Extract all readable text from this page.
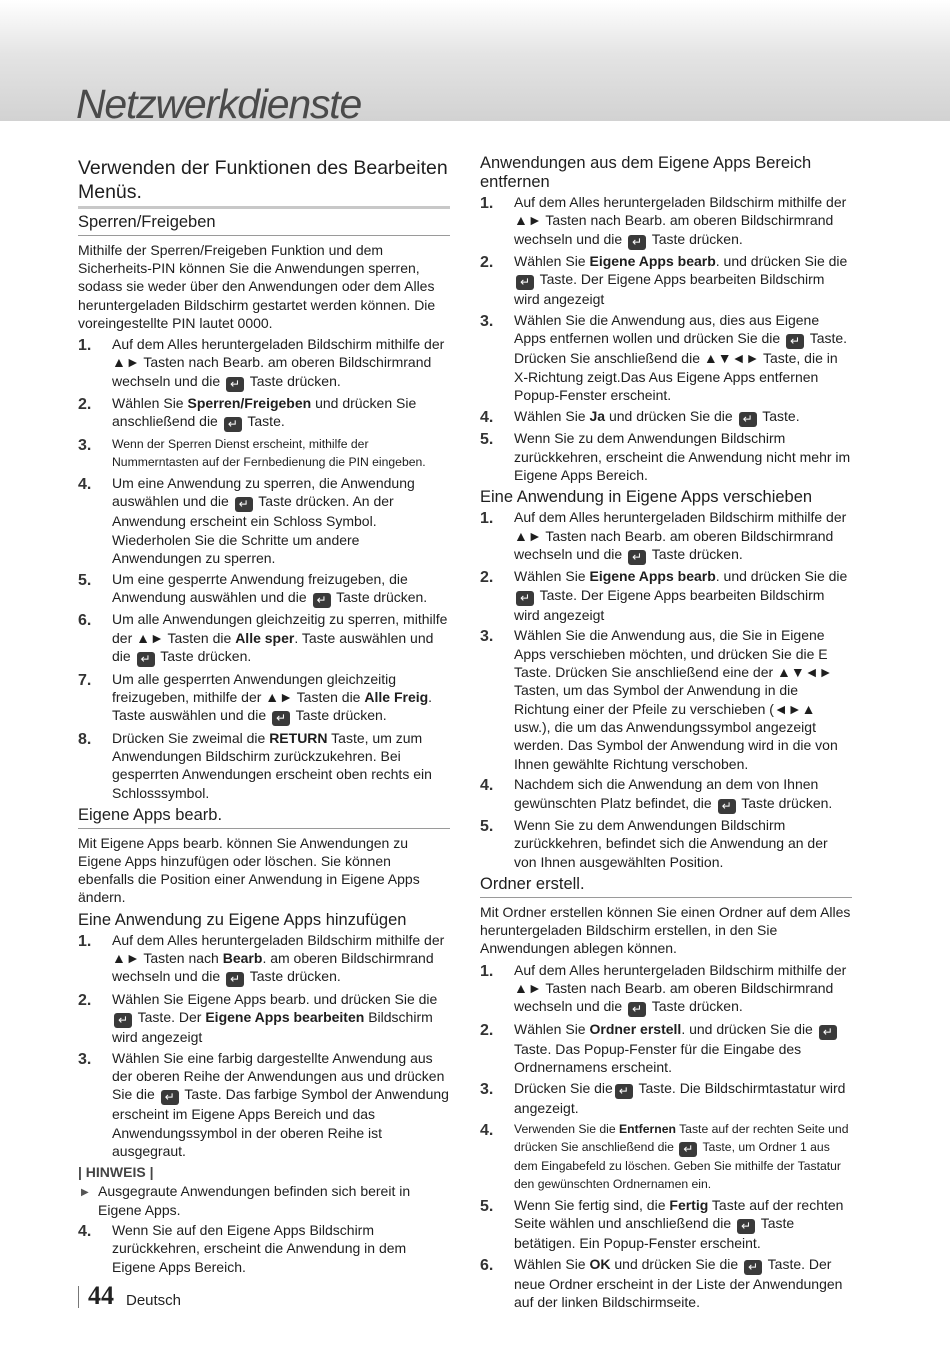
Netzwerkdienste
Verwenden der Funktionen des Bearbeiten Menüs.
Sperren/Freigeben
Mithilfe der Sperren/Freigeben Funktion und dem Sicherheits-PIN können Sie die Anwendungen sperren, sodass sie weder über den Anwendungen oder dem Alles heruntergeladen Bildschirm gestartet werden können. Die voreingestellte PIN lautet 0000.
1. Auf dem Alles heruntergeladen Bildschirm mithilfe der ▲► Tasten nach Bearb. am oberen Bildschirmrand wechseln und die ↵ Taste drücken.
2. Wählen Sie Sperren/Freigeben und drücken Sie anschließend die ↵ Taste.
3. Wenn der Sperren Dienst erscheint, mithilfe der Nummerntasten auf der Fernbedienung die PIN eingeben.
4. Um eine Anwendung zu sperren, die Anwendung auswählen und die ↵ Taste drücken. An der Anwendung erscheint ein Schloss Symbol. Wiederholen Sie die Schritte um andere Anwendungen zu sperren.
5. Um eine gesperrte Anwendung freizugeben, die Anwendung auswählen und die ↵ Taste drücken.
6. Um alle Anwendungen gleichzeitig zu sperren, mithilfe der ▲► Tasten die Alle sper. Taste auswählen und die ↵ Taste drücken.
7. Um alle gesperrten Anwendungen gleichzeitig freizugeben, mithilfe der ▲► Tasten die Alle Freig. Taste auswählen und die ↵ Taste drücken.
8. Drücken Sie zweimal die RETURN Taste, um zum Anwendungen Bildschirm zurückzukehren. Bei gesperrten Anwendungen erscheint oben rechts ein Schlosssymbol.
Eigene Apps bearb.
Mit Eigene Apps bearb. können Sie Anwendungen zu Eigene Apps hinzufügen oder löschen. Sie können ebenfalls die Position einer Anwendung in Eigene Apps ändern.
Eine Anwendung zu Eigene Apps hinzufügen
1. Auf dem Alles heruntergeladen Bildschirm mithilfe der ▲► Tasten nach Bearb. am oberen Bildschirmrand wechseln und die ↵ Taste drücken.
2. Wählen Sie Eigene Apps bearb. und drücken Sie die ↵ Taste. Der Eigene Apps bearbeiten Bildschirm wird angezeigt
3. Wählen Sie eine farbig dargestellte Anwendung aus der oberen Reihe der Anwendungen aus und drücken Sie die ↵ Taste. Das farbige Symbol der Anwendung erscheint im Eigene Apps Bereich und das Anwendungssymbol in der oberen Reihe ist ausgegraut.
| HINWEIS |
▶ Ausgegraute Anwendungen befinden sich bereit in Eigene Apps.
4. Wenn Sie auf den Eigene Apps Bildschirm zurückkehren, erscheint die Anwendung in dem Eigene Apps Bereich.
Anwendungen aus dem Eigene Apps Bereich entfernen
1. Auf dem Alles heruntergeladen Bildschirm mithilfe der ▲► Tasten nach Bearb. am oberen Bildschirmrand wechseln und die ↵ Taste drücken.
2. Wählen Sie Eigene Apps bearb. und drücken Sie die ↵ Taste. Der Eigene Apps bearbeiten Bildschirm wird angezeigt
3. Wählen Sie die Anwendung aus, dies aus Eigene Apps entfernen wollen und drücken Sie die ↵ Taste. Drücken Sie anschließend die ▲▼◄► Taste, die in X-Richtung zeigt.Das Aus Eigene Apps entfernen Popup-Fenster erscheint.
4. Wählen Sie Ja und drücken Sie die ↵ Taste.
5. Wenn Sie zu dem Anwendungen Bildschirm zurückkehren, erscheint die Anwendung nicht mehr im Eigene Apps Bereich.
Eine Anwendung in Eigene Apps verschieben
1. Auf dem Alles heruntergeladen Bildschirm mithilfe der ▲► Tasten nach Bearb. am oberen Bildschirmrand wechseln und die ↵ Taste drücken.
2. Wählen Sie Eigene Apps bearb. und drücken Sie die ↵ Taste. Der Eigene Apps bearbeiten Bildschirm wird angezeigt
3. Wählen Sie die Anwendung aus, die Sie in Eigene Apps verschieben möchten, und drücken Sie die E Taste. Drücken Sie anschließend eine der ▲▼◄► Tasten, um das Symbol der Anwendung in die Richtung einer der Pfeile zu verschieben (◄►▲ usw.), die um das Anwendungssymbol angezeigt werden. Das Symbol der Anwendung wird in die von Ihnen gewählte Richtung verschoben.
4. Nachdem sich die Anwendung an dem von Ihnen gewünschten Platz befindet, die ↵ Taste drücken.
5. Wenn Sie zu dem Anwendungen Bildschirm zurückkehren, befindet sich die Anwendung an der von Ihnen ausgewählten Position.
Ordner erstell.
Mit Ordner erstellen können Sie einen Ordner auf dem Alles heruntergeladen Bildschirm erstellen, in den Sie Anwendungen ablegen können.
1. Auf dem Alles heruntergeladen Bildschirm mithilfe der ▲► Tasten nach Bearb. am oberen Bildschirmrand wechseln und die ↵ Taste drücken.
2. Wählen Sie Ordner erstell. und drücken Sie die ↵ Taste. Das Popup-Fenster für die Eingabe des Ordnernamens erscheint.
3. Drücken Sie die ↵ Taste. Die Bildschirmtastatur wird angezeigt.
4. Verwenden Sie die Entfernen Taste auf der rechten Seite und drücken Sie anschließend die ↵ Taste, um Ordner 1 aus dem Eingabefeld zu löschen. Geben Sie mithilfe der Tastatur den gewünschten Ordnernamen ein.
5. Wenn Sie fertig sind, die Fertig Taste auf der rechten Seite wählen und anschließend die ↵ Taste betätigen. Ein Popup-Fenster erscheint.
6. Wählen Sie OK und drücken Sie die ↵ Taste. Der neue Ordner erscheint in der Liste der Anwendungen auf der linken Bildschirmseite.
44 Deutsch
